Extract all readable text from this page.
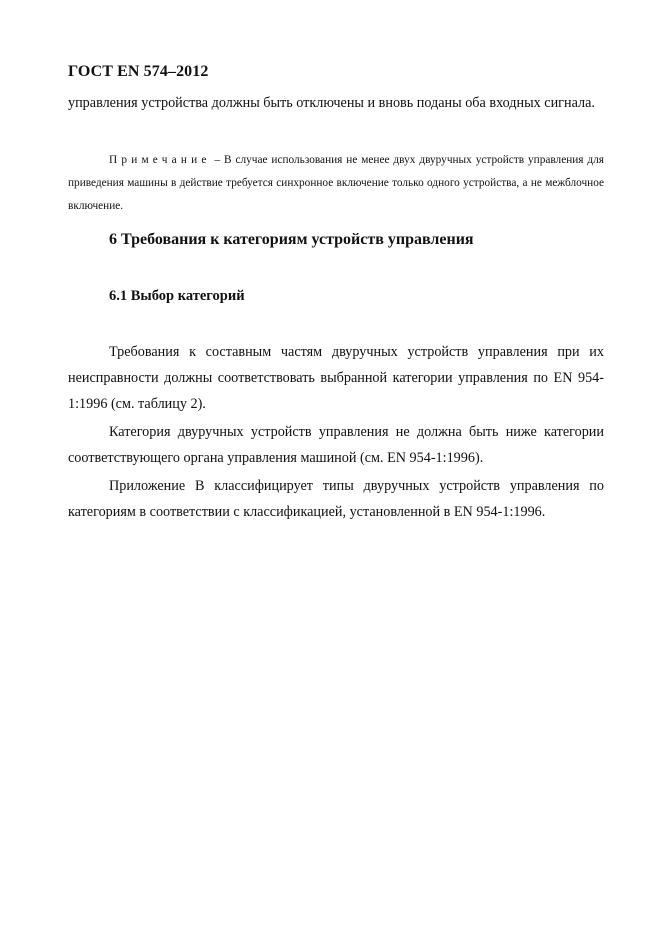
ГОСТ EN 574–2012

управления устройства должны быть отключены и вновь поданы оба входных сигнала.

Примечание – В случае использования не менее двух двуручных устройств управления для приведения машины в действие требуется синхронное включение только одного устройства, а не межблочное включение.

6 Требования к категориям устройств управления
6.1 Выбор категорий

Требования к составным частям двуручных устройств управления при их неисправности должны соответствовать выбранной категории управления по EN 954-1:1996 (см. таблицу 2).

Категория двуручных устройств управления не должна быть ниже категории соответствующего органа управления машиной (см. EN 954-1:1996).

Приложение В классифицирует типы двуручных устройств управления по категориям в соответствии с классификацией, установленной в EN 954-1:1996.
